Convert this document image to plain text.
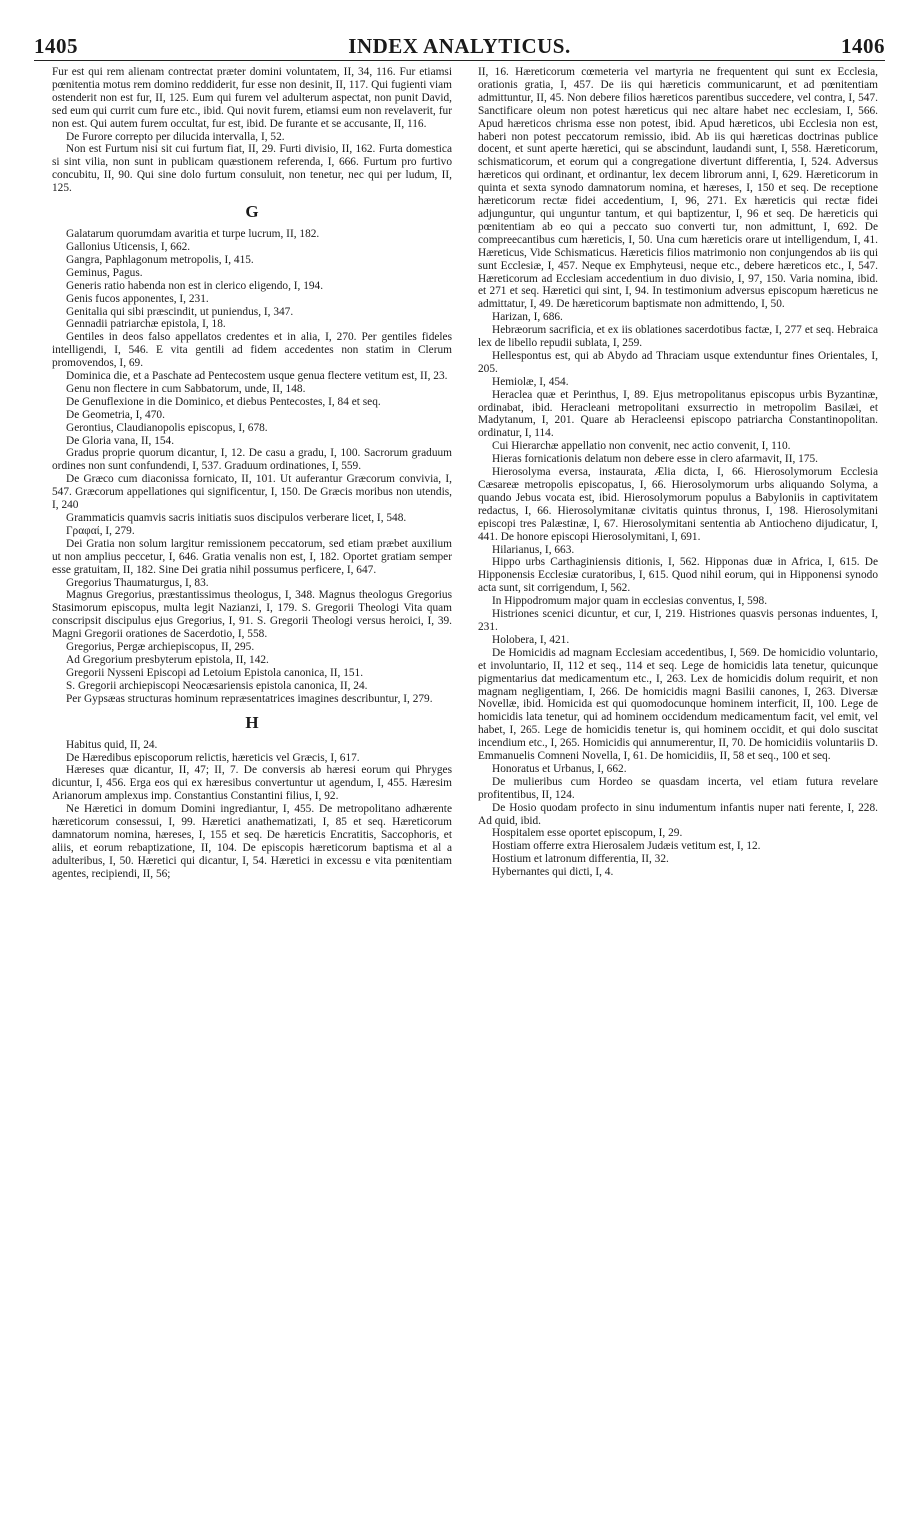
1405	INDEX ANALYTICUS.	1406

Fur est qui rem alienam contrectat præter domini voluntatem, II, 34, 116. Fur etiamsi pœnitentia motus rem domino reddiderit, fur esse non desinit, II, 117. Qui fugienti viam ostenderit non est fur, II, 125. Eum qui furem vel adulterum aspectat, non punit David, sed eum qui currit cum fure etc., ibid. Qui novit furem, etiamsi eum non revelaverit, fur non est. Qui autem furem occultat, fur est, ibid. De furante et se accusante, II, 116.

De Furore correpto per dilucida intervalla, I, 52.

Non est Furtum nisi sit cui furtum fiat, II, 29. Furti divisio, II, 162. Furta domestica si sint vilia, non sunt in publicam quæstionem referenda, I, 666. Furtum pro furtivo concubitu, II, 90. Qui sine dolo furtum consuluit, non tenetur, nec qui per ludum, II, 125.

G

Galatarum quorumdam avaritia et turpe lucrum, II, 182.

Gallonius Uticensis, I, 662.

Gangra, Paphlagonum metropolis, I, 415.

Geminus, Pagus.

Generis ratio habenda non est in clerico eligendo, I, 194.

Genis fucos apponentes, I, 231.

Genitalia qui sibi præscindit, ut puniendus, I, 347.

Gennadii patriarchæ epistola, I, 18.

Gentiles in deos falso appellatos credentes et in alia, I, 270. Per gentiles fideles intelligendi, I, 546. E vita gentili ad fidem accedentes non statim in Clerum promovendos, I, 69.

Dominica die, et a Paschate ad Pentecostem usque genua flectere vetitum est, II, 23.

Genu non flectere in cum Sabbatorum, unde, II, 148.

De Genuflexione in die Dominico, et diebus Pentecostes, I, 84 et seq.

De Geometria, I, 470.

Gerontius, Claudianopolis episcopus, I, 678.

De Gloria vana, II, 154.

Gradus proprie quorum dicantur, I, 12. De casu a gradu, I, 100. Sacrorum graduum ordines non sunt confundendi, I, 537. Graduum ordinationes, I, 559.

De Græco cum diaconissa fornicato, II, 101. Ut auferantur Græcorum convivia, I, 547. Græcorum appellationes qui significentur, I, 150. De Græcis moribus non utendis, I, 240

Grammaticis quamvis sacris initiatis suos discipulos verberare licet, I, 548.

Γραφαί, I, 279.

Dei Gratia non solum largitur remissionem peccatorum, sed etiam præbet auxilium ut non amplius peccetur, I, 646. Gratia venalis non est, I, 182. Oportet gratiam semper esse gratuitam, II, 182. Sine Dei gratia nihil possumus perficere, I, 647.

Gregorius Thaumaturgus, I, 83.

Magnus Gregorius, præstantissimus theologus, I, 348. Magnus theologus Gregorius Stasimorum episcopus, multa legit Nazianzi, I, 179. S. Gregorii Theologi Vita quam conscripsit discipulus ejus Gregorius, I, 91. S. Gregorii Theologi versus heroici, I, 39. Magni Gregorii orationes de Sacerdotio, I, 558.

Gregorius, Pergæ archiepiscopus, II, 295.

Ad Gregorium presbyterum epistola, II, 142.

Gregorii Nysseni Episcopi ad Letoium Epistola canonica, II, 151.

S. Gregorii archiepiscopi Neocæsariensis epistola canonica, II, 24.

Per Gypsæas structuras hominum repræsentatrices imagines describuntur, I, 279.

H

Habitus quid, II, 24.

De Hæredibus episcoporum relictis, hæreticis vel Græcis, I, 617.

Hæreses quæ dicantur, II, 47; II, 7. De conversis ab hæresi eorum qui Phryges dicuntur, I, 456. Erga eos qui ex hæresibus convertuntur ut agendum, I, 455. Hæresim Arianorum amplexus imp. Constantius Constantini filius, I, 92.

Ne Hæretici in domum Domini ingrediantur, I, 455. De metropolitano adhærente hæreticorum consessui, I, 99. Hæretici anathematizati, I, 85 et seq. Hæreticorum damnatorum nomina, hæreses, I, 155 et seq. De hæreticis Encratitis, Saccophoris, et aliis, et eorum rebaptizatione, II, 104. De episcopis hæreticorum baptisma et al a adulteribus, I, 50. Hæretici qui dicantur, I, 54. Hæretici in excessu e vita pœnitentiam agentes, recipiendi, II, 56;

II, 16. Hæreticorum cœmeteria vel martyria ne frequentent qui sunt ex Ecclesia, orationis gratia, I, 457. De iis qui hæreticis communicarunt, et ad pœnitentiam admittuntur, II, 45. Non debere filios hæreticos parentibus succedere, vel contra, I, 547. Sanctificare oleum non potest hæreticus qui nec altare habet nec ecclesiam, I, 566. Apud hæreticos chrisma esse non potest, ibid. Apud hæreticos, ubi Ecclesia non est, haberi non potest peccatorum remissio, ibid. Ab iis qui hæreticas doctrinas publice docent, et sunt aperte hæretici, qui se abscindunt, laudandi sunt, I, 558. Hæreticorum, schismaticorum, et eorum qui a congregatione divertunt differentia, I, 524. Adversus hæreticos qui ordinant, et ordinantur, lex decem librorum anni, I, 629. Hæreticorum in quinta et sexta synodo damnatorum nomina, et hæreses, I, 150 et seq. De receptione hæreticorum rectæ fidei accedentium, I, 96, 271. Ex hæreticis qui rectæ fidei adjunguntur, qui unguntur tantum, et qui baptizentur, I, 96 et seq. De hæreticis qui pœnitentiam ab eo qui a peccato suo converti tur, non admittunt, I, 692. De compreecantibus cum hæreticis, I, 50. Una cum hæreticis orare ut intelligendum, I, 41. Hæreticus, Vide Schismaticus. Hæreticis filios matrimonio non conjungendos ab iis qui sunt Ecclesiæ, I, 457. Neque ex Emphyteusi, neque etc., debere hæreticos etc., I, 547. Hæreticorum ad Ecclesiam accedentium in duo divisio, I, 97, 150. Varia nomina, ibid. et 271 et seq. Hæretici qui sint, I, 94. In testimonium adversus episcopum hæreticus ne admittatur, I, 49. De hæreticorum baptismate non admittendo, I, 50.

Harizan, I, 686.

Hebræorum sacrificia, et ex iis oblationes sacerdotibus factæ, I, 277 et seq. Hebraica lex de libello repudii sublata, I, 259.

Hellespontus est, qui ab Abydo ad Thraciam usque extenduntur fines Orientales, I, 205.

Hemiolæ, I, 454.

Heraclea quæ et Perinthus, I, 89. Ejus metropolitanus episcopus urbis Byzantinæ, ordinabat, ibid. Heracleani metropolitani exsurrectio in metropolim Basilæi, et Madytanum, I, 201. Quare ab Heracleensi episcopo patriarcha Constantinopolitan. ordinatur, I, 114.

Cui Hierarchæ appellatio non convenit, nec actio convenit, I, 110.

Hieras fornicationis delatum non debere esse in clero afarmavit, II, 175.

Hierosolyma eversa, instaurata, Ælia dicta, I, 66. Hierosolymorum Ecclesia Cæsareæ metropolis episcopatus, I, 66. Hierosolymorum urbs aliquando Solyma, a quando Jebus vocata est, ibid. Hierosolymorum populus a Babyloniis in captivitatem redactus, I, 66. Hierosolymitanæ civitatis quintus thronus, I, 198. Hierosolymitani episcopi tres Palæstinæ, I, 67. Hierosolymitani sententia ab Antiocheno dijudicatur, I, 441. De honore episcopi Hierosolymitani, I, 691.

Hilarianus, I, 663.

Hippo urbs Carthaginiensis ditionis, I, 562. Hipponas duæ in Africa, I, 615. De Hipponensis Ecclesiæ curatoribus, I, 615. Quod nihil eorum, qui in Hipponensi synodo acta sunt, sit corrigendum, I, 562.

In Hippodromum major quam in ecclesias conventus, I, 598.

Histriones scenici dicuntur, et cur, I, 219. Histriones quasvis personas induentes, I, 231.

Holobera, I, 421.

De Homicidis ad magnam Ecclesiam accedentibus, I, 569. De homicidio voluntario, et involuntario, II, 112 et seq., 114 et seq. Lege de homicidis lata tenetur, quicunque pigmentarius dat medicamentum etc., I, 263. Lex de homicidis dolum requirit, et non magnam negligentiam, I, 266. De homicidis magni Basilii canones, I, 263. Diversæ Novellæ, ibid. Homicida est qui quomodocunque hominem interficit, II, 100. Lege de homicidis lata tenetur, qui ad hominem occidendum medicamentum facit, vel emit, vel habet, I, 265. Lege de homicidis tenetur is, qui hominem occidit, et qui dolo suscitat incendium etc., I, 265. Homicidis qui annumerentur, II, 70. De homicidiis voluntariis D. Emmanuelis Comneni Novella, I, 61. De homicidiis, II, 58 et seq., 100 et seq.

Honoratus et Urbanus, I, 662.

De mulieribus cum Hordeo se quasdam incerta, vel etiam futura revelare profitentibus, II, 124.

De Hosio quodam profecto in sinu indumentum infantis nuper nati ferente, I, 228. Ad quid, ibid.

Hospitalem esse oportet episcopum, I, 29.

Hostiam offerre extra Hierosalem Judæis vetitum est, I, 12.

Hostium et latronum differentia, II, 32.

Hybernantes qui dicti, I, 4.
